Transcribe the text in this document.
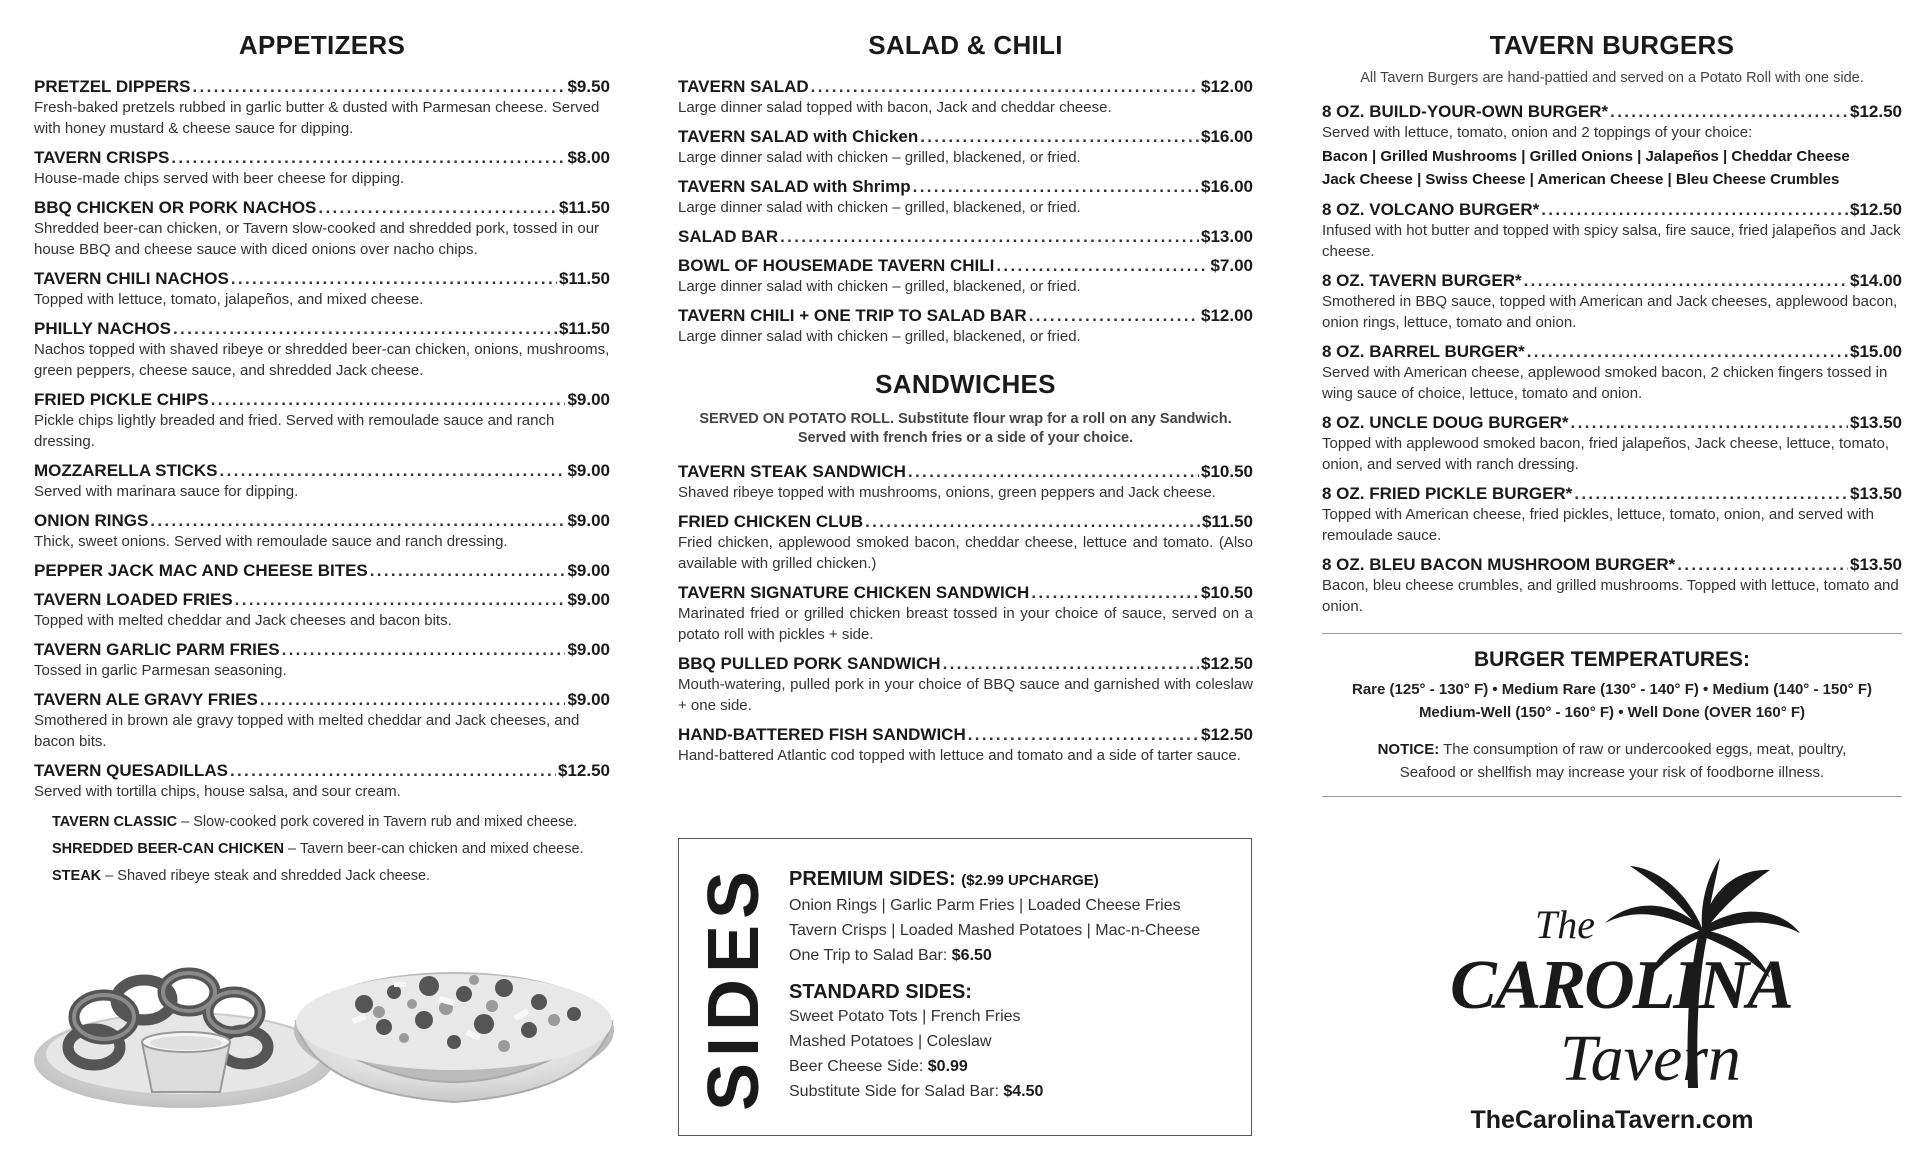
APPETIZERS
PRETZEL DIPPERS . . .	$9.50
Fresh-baked pretzels rubbed in garlic butter & dusted with Parmesan cheese. Served with honey mustard & cheese sauce for dipping.
TAVERN CRISPS . . .	$8.00
House-made chips served with beer cheese for dipping.
BBQ CHICKEN OR PORK NACHOS . . .	$11.50
Shredded beer-can chicken, or Tavern slow-cooked and shredded pork, tossed in our house BBQ and cheese sauce with diced onions over nacho chips.
TAVERN CHILI NACHOS . . .	$11.50
Topped with lettuce, tomato, jalapeños, and mixed cheese.
PHILLY NACHOS . . .	$11.50
Nachos topped with shaved ribeye or shredded beer-can chicken, onions, mushrooms, green peppers, cheese sauce, and shredded Jack cheese.
FRIED PICKLE CHIPS . . .	$9.00
Pickle chips lightly breaded and fried. Served with remoulade sauce and ranch dressing.
MOZZARELLA STICKS . . .	$9.00
Served with marinara sauce for dipping.
ONION RINGS . . .	$9.00
Thick, sweet onions. Served with remoulade sauce and ranch dressing.
PEPPER JACK MAC AND CHEESE BITES . . .	$9.00
TAVERN LOADED FRIES . . .	$9.00
Topped with melted cheddar and Jack cheeses and bacon bits.
TAVERN GARLIC PARM FRIES . . .	$9.00
Tossed in garlic Parmesan seasoning.
TAVERN ALE GRAVY FRIES . . .	$9.00
Smothered in brown ale gravy topped with melted cheddar and Jack cheeses, and bacon bits.
TAVERN QUESADILLAS . . .	$12.50
Served with tortilla chips, house salsa, and sour cream.
TAVERN CLASSIC – Slow-cooked pork covered in Tavern rub and mixed cheese.
SHREDDED BEER-CAN CHICKEN – Tavern beer-can chicken and mixed cheese.
STEAK – Shaved ribeye steak and shredded Jack cheese.
SALAD & CHILI
TAVERN SALAD . . .	$12.00
Large dinner salad topped with bacon, Jack and cheddar cheese.
TAVERN SALAD with Chicken . . .	$16.00
Large dinner salad with chicken – grilled, blackened, or fried.
TAVERN SALAD with Shrimp . . .	$16.00
Large dinner salad with chicken – grilled, blackened, or fried.
SALAD BAR . . .	$13.00
BOWL OF HOUSEMADE TAVERN CHILI . . .	$7.00
Large dinner salad with chicken – grilled, blackened, or fried.
TAVERN CHILI + ONE TRIP TO SALAD BAR . . .	$12.00
Large dinner salad with chicken – grilled, blackened, or fried.
SANDWICHES
SERVED ON POTATO ROLL. Substitute flour wrap for a roll on any Sandwich.
Served with french fries or a side of your choice.
TAVERN STEAK SANDWICH . . .	$10.50
Shaved ribeye topped with mushrooms, onions, green peppers and Jack cheese.
FRIED CHICKEN CLUB . . .	$11.50
Fried chicken, applewood smoked bacon, cheddar cheese, lettuce and tomato. (Also available with grilled chicken.)
TAVERN SIGNATURE CHICKEN SANDWICH . . .	$10.50
Marinated fried or grilled chicken breast tossed in your choice of sauce, served on a potato roll with pickles + side.
BBQ PULLED PORK SANDWICH . . .	$12.50
Mouth-watering, pulled pork in your choice of BBQ sauce and garnished with coleslaw + one side.
HAND-BATTERED FISH SANDWICH . . .	$12.50
Hand-battered Atlantic cod topped with lettuce and tomato and a side of tarter sauce.
SIDES PREMIUM SIDES: ($2.99 UPCHARGE)
Onion Rings | Garlic Parm Fries | Loaded Cheese Fries
Tavern Crisps | Loaded Mashed Potatoes | Mac-n-Cheese
One Trip to Salad Bar: $6.50
STANDARD SIDES:
Sweet Potato Tots | French Fries
Mashed Potatoes | Coleslaw
Beer Cheese Side: $0.99
Substitute Side for Salad Bar: $4.50
TAVERN BURGERS
All Tavern Burgers are hand-pattied and served on a Potato Roll with one side.
8 OZ. BUILD-YOUR-OWN BURGER* . . .	$12.50
Served with lettuce, tomato, onion and 2 toppings of your choice:
Bacon | Grilled Mushrooms | Grilled Onions | Jalapeños | Cheddar Cheese
Jack Cheese | Swiss Cheese | American Cheese | Bleu Cheese Crumbles
8 OZ. VOLCANO BURGER* . . .	$12.50
Infused with hot butter and topped with spicy salsa, fire sauce, fried jalapeños and Jack cheese.
8 OZ. TAVERN BURGER* . . .	$14.00
Smothered in BBQ sauce, topped with American and Jack cheeses, applewood bacon, onion rings, lettuce, tomato and onion.
8 OZ. BARREL BURGER* . . .	$15.00
Served with American cheese, applewood smoked bacon, 2 chicken fingers tossed in wing sauce of choice, lettuce, tomato and onion.
8 OZ. UNCLE DOUG BURGER* . . .	$13.50
Topped with applewood smoked bacon, fried jalapeños, Jack cheese, lettuce, tomato, onion, and served with ranch dressing.
8 OZ. FRIED PICKLE BURGER* . . .	$13.50
Topped with American cheese, fried pickles, lettuce, tomato, onion, and served with remoulade sauce.
8 OZ. BLEU BACON MUSHROOM BURGER* . . .	$13.50
Bacon, bleu cheese crumbles, and grilled mushrooms. Topped with lettuce, tomato and onion.
BURGER TEMPERATURES:
Rare (125° - 130° F) • Medium Rare (130° - 140° F) • Medium (140° - 150° F)
Medium-Well (150° - 160° F) • Well Done (OVER 160° F)
NOTICE: The consumption of raw or undercooked eggs, meat, poultry,
Seafood or shellfish may increase your risk of foodborne illness.
The
CAROLINA
Tavern
TheCarolinaTavern.com
